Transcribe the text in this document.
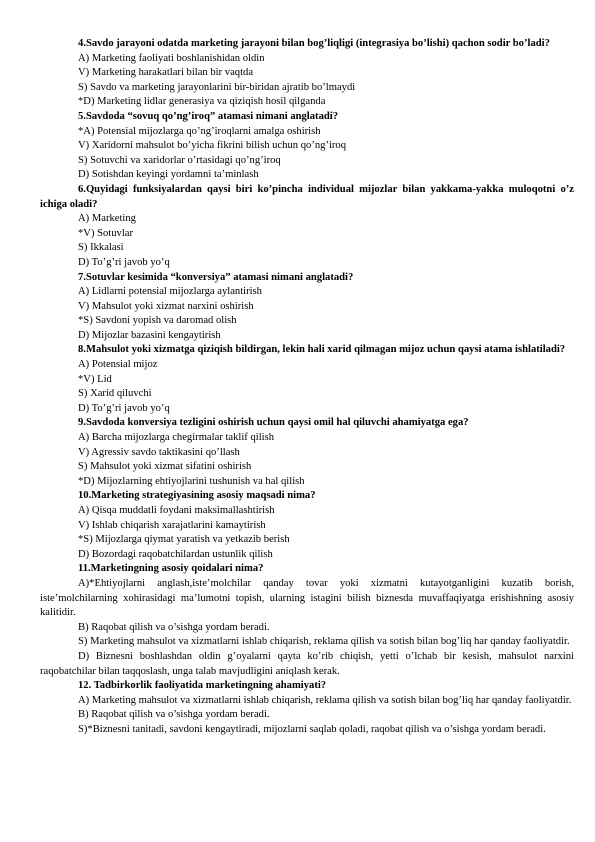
4.Savdo jarayoni odatda marketing jarayoni bilan bog’liqligi (integrasiya bo’lishi) qachon sodir bo’ladi?

A) Marketing faoliyati boshlanishidan oldin

V) Marketing harakatlari bilan bir vaqtda

S) Savdo va marketing jarayonlarini bir-biridan ajratib bo’lmaydi

*D) Marketing lidlar generasiya va qiziqish hosil qilganda

5.Savdoda “sovuq qo’ng’iroq” atamasi nimani anglatadi?

*A) Potensial mijozlarga qo’ng’iroqlarni amalga oshirish

V) Xaridorni mahsulot bo’yicha fikrini bilish uchun qo’ng’iroq

S) Sotuvchi va xaridorlar o’rtasidagi qo’ng’iroq

D) Sotishdan keyingi yordamni ta’minlash

6.Quyidagi funksiyalardan qaysi biri ko’pincha individual mijozlar bilan yakkama-yakka muloqotni o’z ichiga oladi?

A) Marketing

*V) Sotuvlar

S) Ikkalasi

D) To’g’ri javob yo’q

7.Sotuvlar kesimida “konversiya” atamasi nimani anglatadi?

A) Lidlarni potensial mijozlarga aylantirish

V) Mahsulot yoki xizmat narxini oshirish

*S) Savdoni yopish va daromad olish

D) Mijozlar bazasini kengaytirish

8.Mahsulot yoki xizmatga qiziqish bildirgan, lekin hali xarid qilmagan mijoz uchun qaysi atama ishlatiladi?

A) Potensial mijoz

*V) Lid

S) Xarid qiluvchi

D) To’g’ri javob yo’q

9.Savdoda konversiya tezligini oshirish uchun qaysi omil hal qiluvchi ahamiyatga ega?

A) Barcha mijozlarga chegirmalar taklif qilish

V) Agressiv savdo taktikasini qo’llash

S) Mahsulot yoki xizmat sifatini oshirish

*D) Mijozlarning ehtiyojlarini tushunish va hal qilish

10.Marketing strategiyasining asosiy maqsadi nima?

A) Qisqa muddatli foydani maksimallashtirish

V) Ishlab chiqarish xarajatlarini kamaytirish

*S) Mijozlarga qiymat yaratish va yetkazib berish

D) Bozordagi raqobatchilardan ustunlik qilish

11.Marketingning asosiy qoidalari nima?

A)*Ehtiyojlarni anglash,iste’molchilar qanday tovar yoki xizmatni kutayotganligini kuzatib borish, iste’molchilarning xohirasidagi ma’lumotni topish, ularning istagini bilish biznesda muvaffaqiyatga erishishning asosiy kalitidir.

B) Raqobat qilish va o’sishga yordam beradi.

S) Marketing mahsulot va xizmatlarni ishlab chiqarish, reklama qilish va sotish bilan bog’liq har qanday faoliyatdir.

D) Biznesni boshlashdan oldin g’oyalarni qayta ko’rib chiqish, yetti o’lchab bir kesish, mahsulot narxini raqobatchilar bilan taqqoslash, unga talab mavjudligini aniqlash kerak.

12. Tadbirkorlik faoliyatida marketingning ahamiyati?

A) Marketing mahsulot va xizmatlarni ishlab chiqarish, reklama qilish va sotish bilan bog’liq har qanday faoliyatdir.

B) Raqobat qilish va o’sishga yordam beradi.

S)*Biznesni tanitadi, savdoni kengaytiradi, mijozlarni saqlab qoladi, raqobat qilish va o’sishga yordam beradi.
